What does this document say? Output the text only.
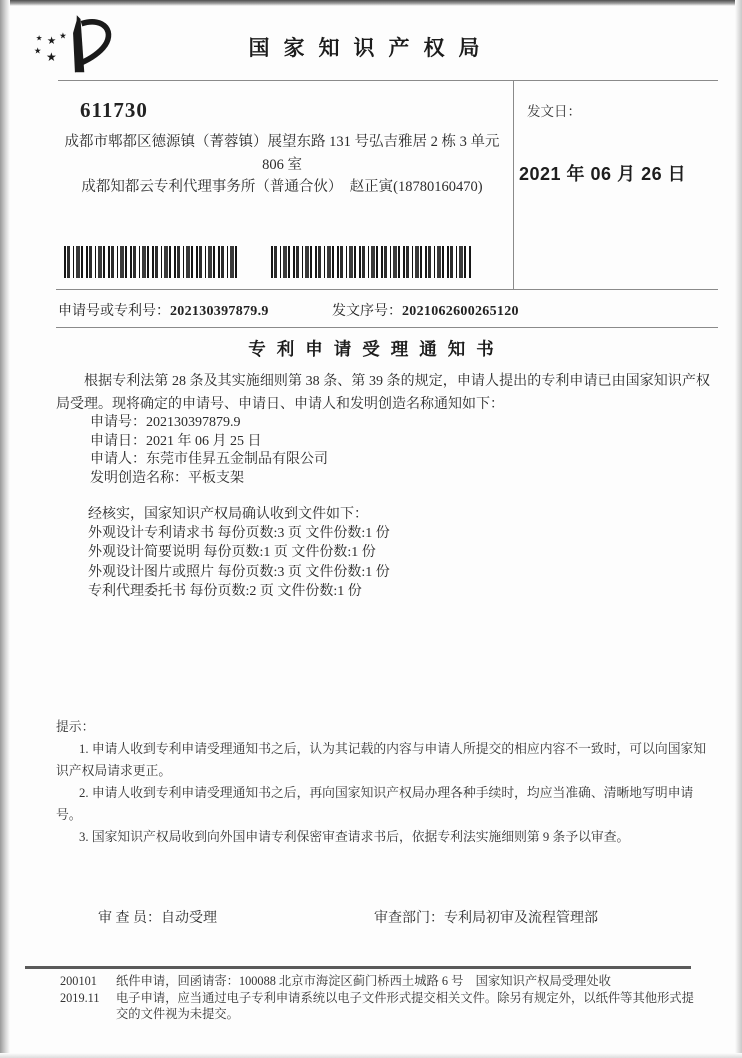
★ ★
★
★ ★	国家知识产权局
611730
成都市郫都区德源镇（菁蓉镇）展望东路 131 号弘吉雅居 2 栋 3 单元
806 室
成都知都云专利代理事务所（普通合伙）　赵正寅(18780160470)
发文日：
2021 年 06 月 26 日
申请号或专利号：202130397879.9	发文序号：2021062600265120
专利申请受理通知书
根据专利法第 28 条及其实施细则第 38 条、第 39 条的规定，申请人提出的专利申请已由国家知识产权局受理。现将确定的申请号、申请日、申请人和发明创造名称通知如下：
申请号：202130397879.9
申请日：2021 年 06 月 25 日
申请人：东莞市佳昇五金制品有限公司
发明创造名称：平板支架
经核实，国家知识产权局确认收到文件如下：
外观设计专利请求书 每份页数:3 页 文件份数:1 份
外观设计简要说明 每份页数:1 页 文件份数:1 份
外观设计图片或照片 每份页数:3 页 文件份数:1 份
专利代理委托书 每份页数:2 页 文件份数:1 份
提示：

1. 申请人收到专利申请受理通知书之后，认为其记载的内容与申请人所提交的相应内容不一致时，可以向国家知识产权局请求更正。

2. 申请人收到专利申请受理通知书之后，再向国家知识产权局办理各种手续时，均应当准确、清晰地写明申请号。

3. 国家知识产权局收到向外国申请专利保密审查请求书后，依据专利法实施细则第 9 条予以审查。

审 查 员：自动受理	审查部门：专利局初审及流程管理部
200101	纸件申请，回函请寄：100088 北京市海淀区蓟门桥西土城路 6 号　国家知识产权局受理处收
2019.11	电子申请，应当通过电子专利申请系统以电子文件形式提交相关文件。除另有规定外，以纸件等其他形式提交的文件视为未提交。
